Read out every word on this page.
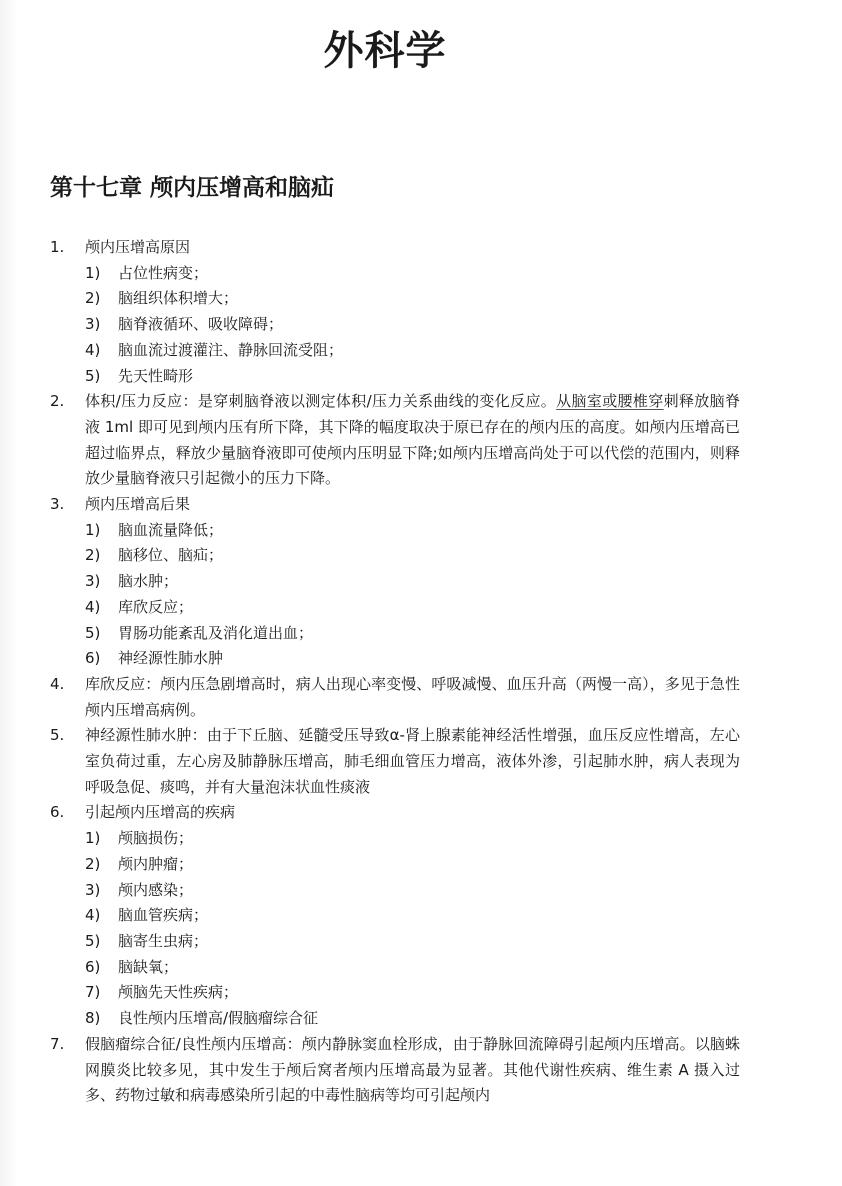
外科学
第十七章 颅内压增高和脑疝
1.	颅内压增高原因
1)	占位性病变；
2)	脑组织体积增大；
3)	脑脊液循环、吸收障碍；
4)	脑血流过渡灌注、静脉回流受阻；
5)	先天性畸形
2.	体积/压力反应：是穿刺脑脊液以测定体积/压力关系曲线的变化反应。从脑室或腰椎穿刺释放脑脊液 1ml 即可见到颅内压有所下降，其下降的幅度取决于原已存在的颅内压的高度。如颅内压增高已超过临界点，释放少量脑脊液即可使颅内压明显下降;如颅内压增高尚处于可以代偿的范围内，则释放少量脑脊液只引起微小的压力下降。
3.	颅内压增高后果
1)	脑血流量降低；
2)	脑移位、脑疝；
3)	脑水肿；
4)	库欣反应；
5)	胃肠功能紊乱及消化道出血；
6)	神经源性肺水肿
4.	库欣反应：颅内压急剧增高时，病人出现心率变慢、呼吸减慢、血压升高（两慢一高），多见于急性颅内压增高病例。
5.	神经源性肺水肿：由于下丘脑、延髓受压导致α-肾上腺素能神经活性增强，血压反应性增高，左心室负荷过重，左心房及肺静脉压增高，肺毛细血管压力增高，液体外渗，引起肺水肿，病人表现为呼吸急促、痰鸣，并有大量泡沫状血性痰液
6.	引起颅内压增高的疾病
1)	颅脑损伤；
2)	颅内肿瘤；
3)	颅内感染；
4)	脑血管疾病；
5)	脑寄生虫病；
6)	脑缺氧；
7)	颅脑先天性疾病；
8)	良性颅内压增高/假脑瘤综合征
7.	假脑瘤综合征/良性颅内压增高：颅内静脉窦血栓形成，由于静脉回流障碍引起颅内压增高。以脑蛛网膜炎比较多见，其中发生于颅后窝者颅内压增高最为显著。其他代谢性疾病、维生素 A 摄入过多、药物过敏和病毒感染所引起的中毒性脑病等均可引起颅内
